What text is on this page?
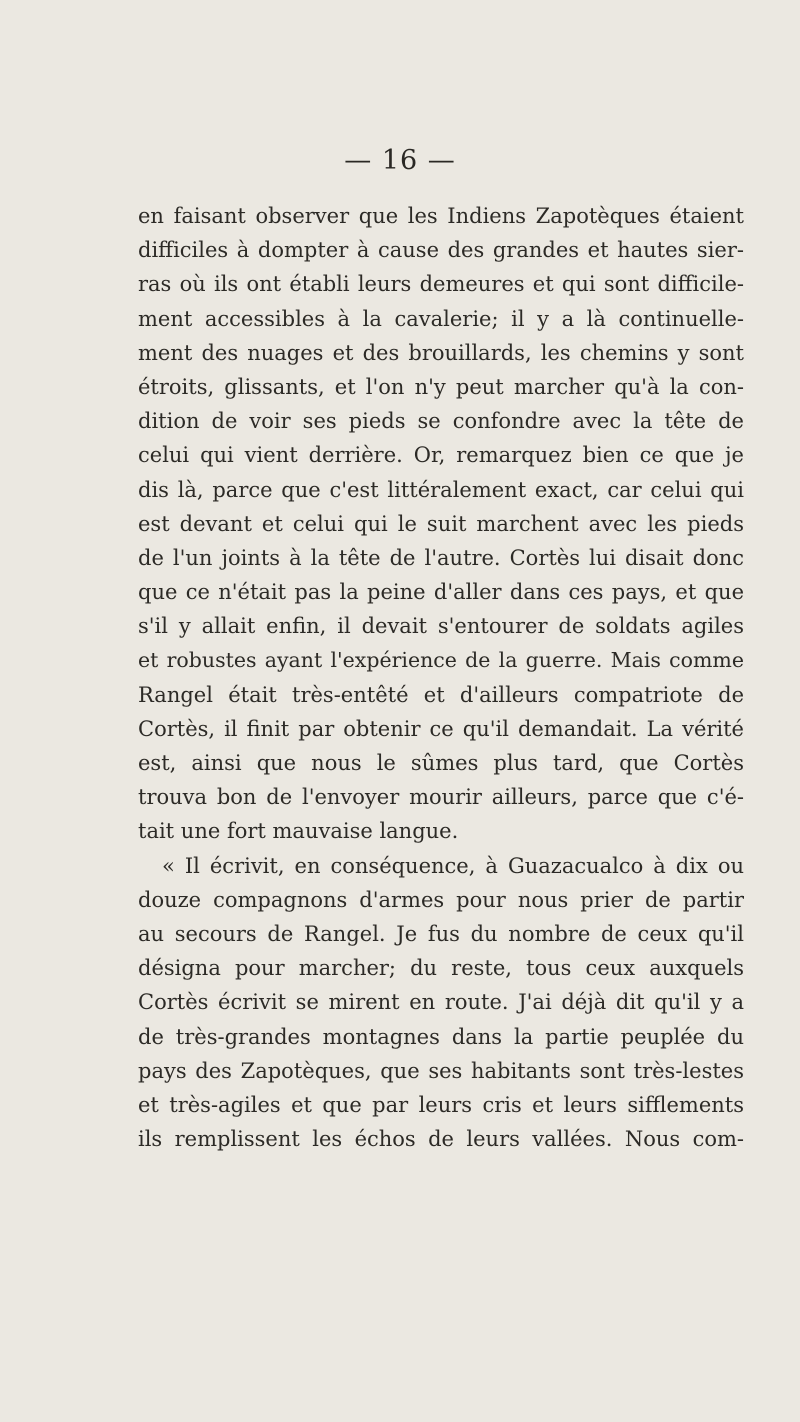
— 16 —
en faisant observer que les Indiens Zapotèques étaient
difficiles à dompter à cause des grandes et hautes sier-
ras où ils ont établi leurs demeures et qui sont difficile-
ment accessibles à la cavalerie; il y a là continuelle-
ment des nuages et des brouillards, les chemins y sont
étroits, glissants, et l'on n'y peut marcher qu'à la con-
dition de voir ses pieds se confondre avec la tête de
celui qui vient derrière. Or, remarquez bien ce que je
dis là, parce que c'est littéralement exact, car celui qui
est devant et celui qui le suit marchent avec les pieds
de l'un joints à la tête de l'autre. Cortès lui disait donc
que ce n'était pas la peine d'aller dans ces pays, et que
s'il y allait enfin, il devait s'entourer de soldats agiles
et robustes ayant l'expérience de la guerre. Mais comme
Rangel était très-entêté et d'ailleurs compatriote de
Cortès, il finit par obtenir ce qu'il demandait. La vérité
est, ainsi que nous le sûmes plus tard, que Cortès
trouva bon de l'envoyer mourir ailleurs, parce que c'é-
tait une fort mauvaise langue.
« Il écrivit, en conséquence, à Guazacualco à dix ou
douze compagnons d'armes pour nous prier de partir
au secours de Rangel. Je fus du nombre de ceux qu'il
désigna pour marcher; du reste, tous ceux auxquels
Cortès écrivit se mirent en route. J'ai déjà dit qu'il y a
de très-grandes montagnes dans la partie peuplée du
pays des Zapotèques, que ses habitants sont très-lestes
et très-agiles et que par leurs cris et leurs sifflements
ils remplissent les échos de leurs vallées. Nous com-
